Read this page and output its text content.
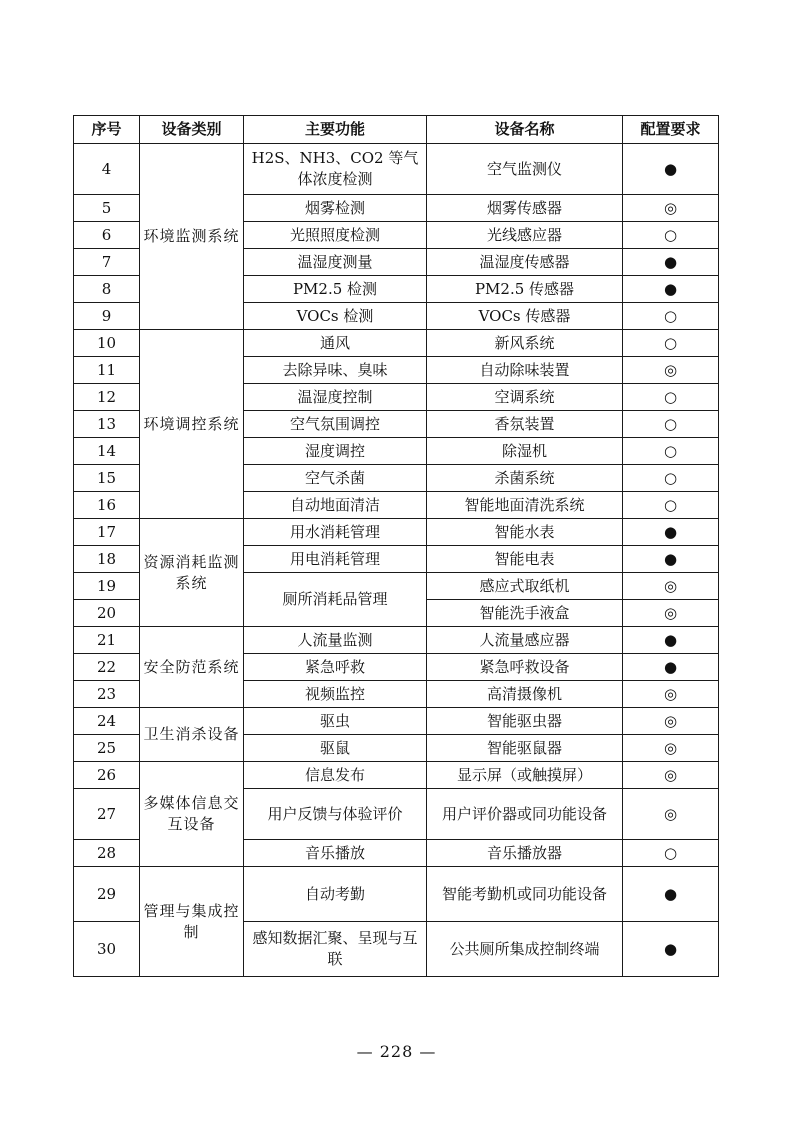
序号	设备类别	主要功能	设备名称	配置要求
4	环境监测系统	H2S、NH3、CO2 等气体浓度检测	空气监测仪	●
5		烟雾检测	烟雾传感器	◎
6		光照照度检测	光线感应器	○
7		温湿度测量	温湿度传感器	●
8		PM2.5 检测	PM2.5 传感器	●
9		VOCs 检测	VOCs 传感器	○
10	环境调控系统	通风	新风系统	○
11		去除异味、臭味	自动除味装置	◎
12		温湿度控制	空调系统	○
13		空气氛围调控	香氛装置	○
14		湿度调控	除湿机	○
15		空气杀菌	杀菌系统	○
16		自动地面清洁	智能地面清洗系统	○
17	资源消耗监测系统	用水消耗管理	智能水表	●
18		用电消耗管理	智能电表	●
19		厕所消耗品管理	感应式取纸机	◎
20			智能洗手液盒	◎
21	安全防范系统	人流量监测	人流量感应器	●
22		紧急呼救	紧急呼救设备	●
23		视频监控	高清摄像机	◎
24	卫生消杀设备	驱虫	智能驱虫器	◎
25		驱鼠	智能驱鼠器	◎
26	多媒体信息交互设备	信息发布	显示屏（或触摸屏）	◎
27		用户反馈与体验评价	用户评价器或同功能设备	◎
28		音乐播放	音乐播放器	○
29	管理与集成控制	自动考勤	智能考勤机或同功能设备	●
30		感知数据汇聚、呈现与互联	公共厕所集成控制终端	●
— 228 —
